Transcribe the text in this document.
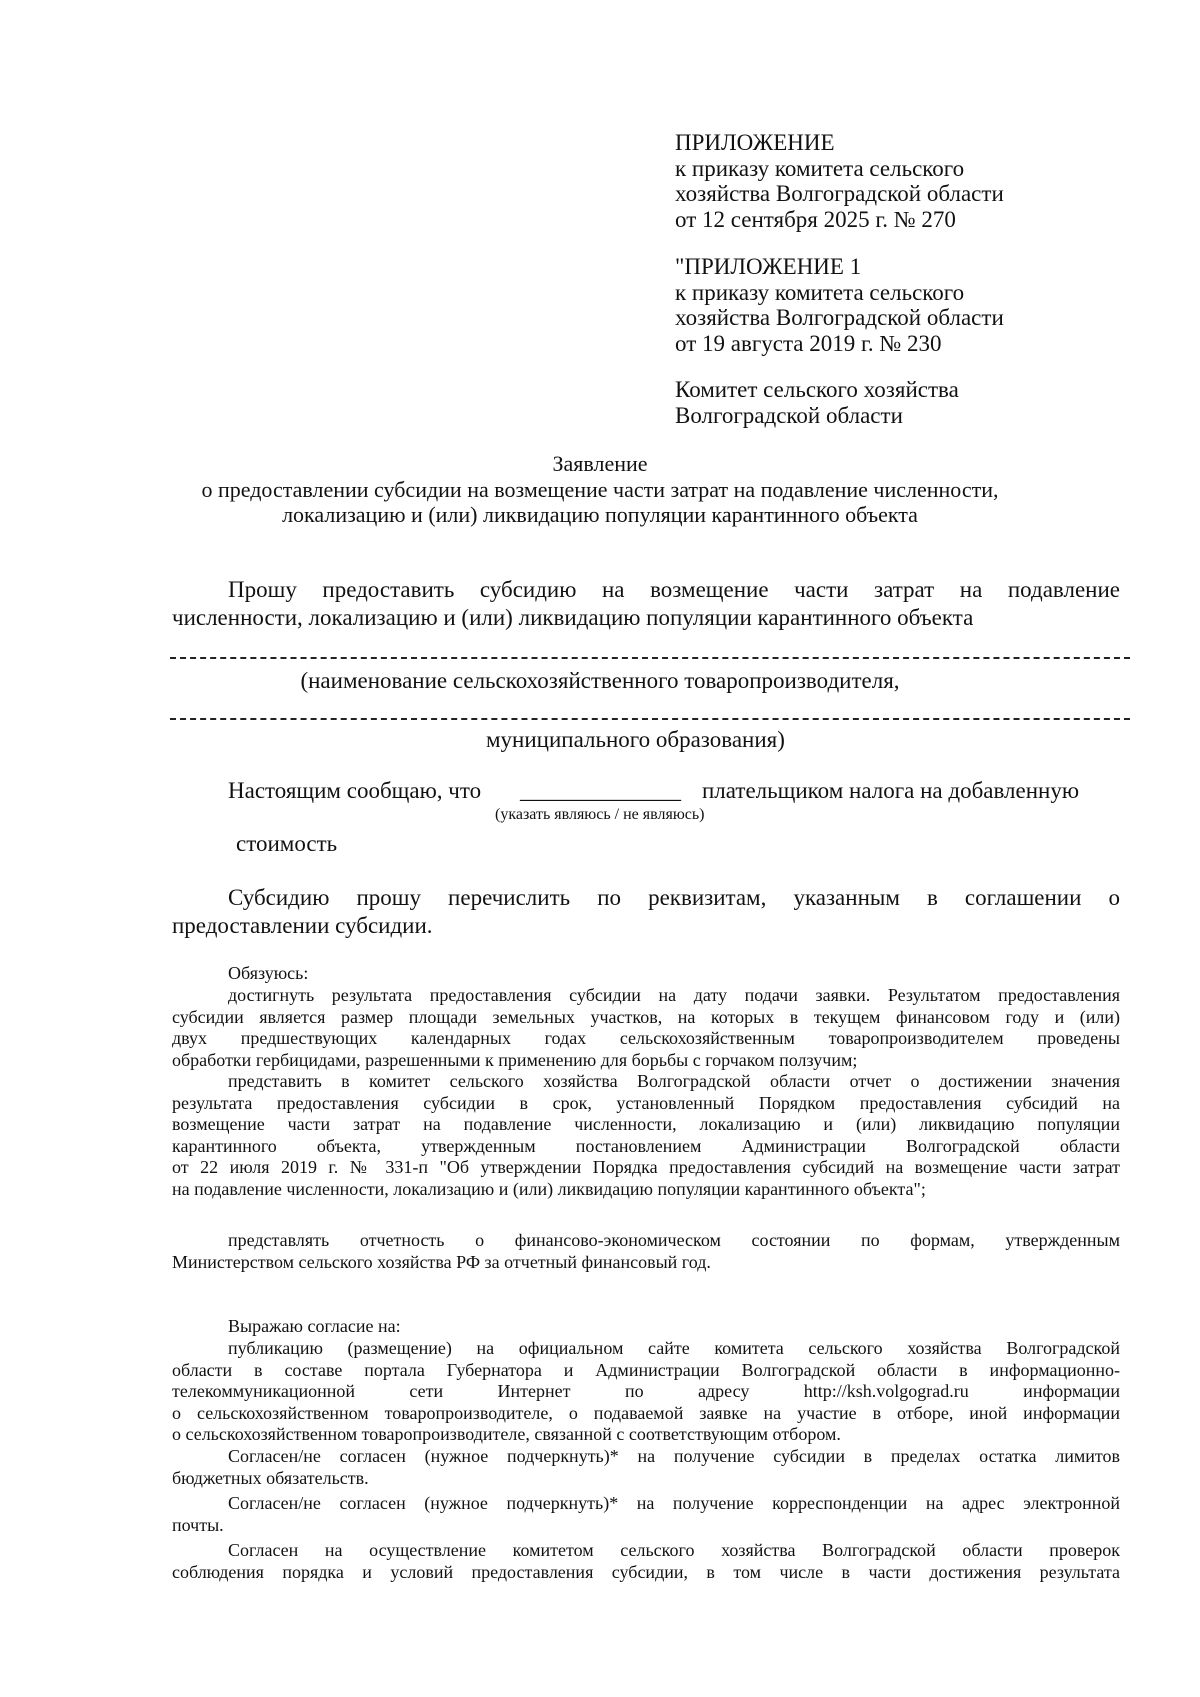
ПРИЛОЖЕНИЕ
к приказу комитета сельского
хозяйства Волгоградской области
от 12 сентября 2025 г. № 270
"ПРИЛОЖЕНИЕ 1
к приказу комитета сельского
хозяйства Волгоградской области
от 19 августа 2019 г. № 230
Комитет сельского хозяйства
Волгоградской области
Заявление
о предоставлении субсидии на возмещение части затрат на подавление численности,
локализацию и (или) ликвидацию популяции карантинного объекта
Прошу предоставить субсидию на возмещение части затрат на подавление
численности, локализацию и (или) ликвидацию популяции карантинного объекта
(наименование сельскохозяйственного товаропроизводителя,
муниципального образования)
Настоящим сообщаю, что ______________ плательщиком налога на добавленную
(указать являюсь / не являюсь)
стоимость
Субсидию прошу перечислить по реквизитам, указанным в соглашении о
предоставлении субсидии.
Обязуюсь:
достигнуть результата предоставления субсидии на дату подачи заявки. Результатом предоставления
субсидии является размер площади земельных участков, на которых в текущем финансовом году и (или)
двух предшествующих календарных годах сельскохозяйственным товаропроизводителем проведены
обработки гербицидами, разрешенными к применению для борьбы с горчаком ползучим;
представить в комитет сельского хозяйства Волгоградской области отчет о достижении значения
результата предоставления субсидии в срок, установленный Порядком предоставления субсидий на
возмещение части затрат на подавление численности, локализацию и (или) ликвидацию популяции
карантинного объекта, утвержденным постановлением Администрации Волгоградской области
от 22 июля 2019 г. № 331-п "Об утверждении Порядка предоставления субсидий на возмещение части затрат
на подавление численности, локализацию и (или) ликвидацию популяции карантинного объекта";
представлять отчетность о финансово-экономическом состоянии по формам, утвержденным
Министерством сельского хозяйства РФ за отчетный финансовый год.
Выражаю согласие на:
публикацию (размещение) на официальном сайте комитета сельского хозяйства Волгоградской
области в составе портала Губернатора и Администрации Волгоградской области в информационно-
телекоммуникационной сети Интернет по адресу http://ksh.volgograd.ru информации
о сельскохозяйственном товаропроизводителе, о подаваемой заявке на участие в отборе, иной информации
о сельскохозяйственном товаропроизводителе, связанной с соответствующим отбором.
Согласен/не согласен (нужное подчеркнуть)* на получение субсидии в пределах остатка лимитов
бюджетных обязательств.
Согласен/не согласен (нужное подчеркнуть)* на получение корреспонденции на адрес электронной
почты.
Согласен на осуществление комитетом сельского хозяйства Волгоградской области проверок
соблюдения порядка и условий предоставления субсидии, в том числе в части достижения результата
